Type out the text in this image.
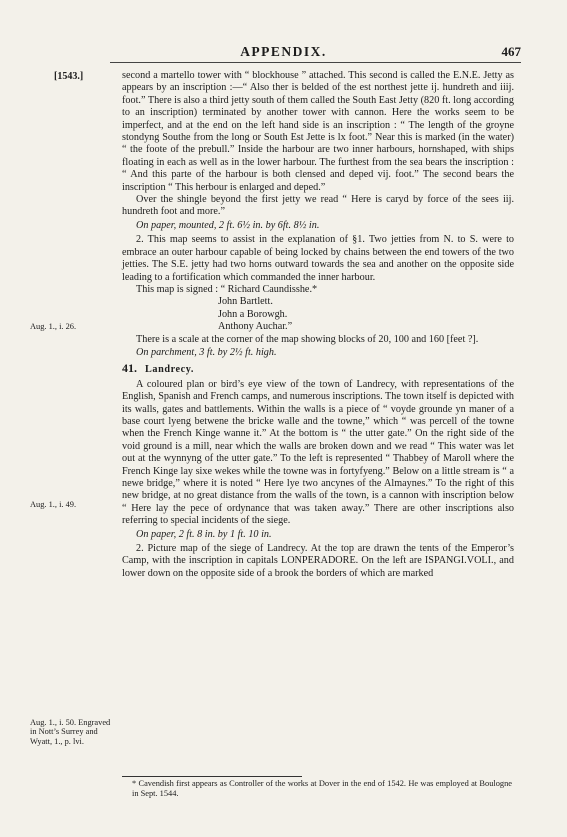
APPENDIX.	467
[1543.]
Aug. 1., i. 26.
Aug. 1., i. 49.
Aug. 1., i. 50. Engraved in Nott’s Surrey and Wyatt, 1., p. lvi.

second a martello tower with “ blockhouse ” attached. This second is called the E.N.E. Jetty as appears by an inscription :—“ Also ther is belded of the est northest jette ij. hundreth and iiij. foot.” There is also a third jetty south of them called the South East Jetty (820 ft. long according to an inscription) terminated by another tower with cannon. Here the works seem to be imperfect, and at the end on the left hand side is an inscription : “ The length of the groyne stondyng Southe from the long or South Est Jette is lx foot.” Near this is marked (in the water) “ the foote of the prebull.” Inside the harbour are two inner harbours, hornshaped, with ships floating in each as well as in the lower harbour. The furthest from the sea bears the inscription : “ And this parte of the harbour is both clensed and deped vij. foot.” The second bears the inscription “ This herbour is enlarged and deped.”

Over the shingle beyond the first jetty we read “ Here is caryd by force of the sees iij. hundreth foot and more.”

On paper, mounted, 2 ft. 6½ in. by 6ft. 8½ in.

2. This map seems to assist in the explanation of §1. Two jetties from N. to S. were to embrace an outer harbour capable of being locked by chains between the end towers of the two jetties. The S.E. jetty had two horns outward towards the sea and another on the opposite side leading to a fortification which commanded the inner harbour.

This map is signed : “ Richard Caundisshe.*

John Bartlett.

John a Borowgh.

Anthony Auchar.”

There is a scale at the corner of the map showing blocks of 20, 100 and 160 [feet ?].

On parchment, 3 ft. by 2½ ft. high.

41. Landrecy.

A coloured plan or bird’s eye view of the town of Landrecy, with representations of the English, Spanish and French camps, and numerous inscriptions. The town itself is depicted with its walls, gates and battlements. Within the walls is a piece of “ voyde grounde yn maner of a base court lyeng betwene the bricke walle and the towne,” which “ was percell of the towne when the French Kinge wanne it.” At the bottom is “ the utter gate.” On the right side of the void ground is a mill, near which the walls are broken down and we read “ This water was let out at the wynnyng of the utter gate.” To the left is represented “ Thabbey of Maroll where the French Kinge lay sixe wekes while the towne was in fortyfyeng.” Below on a little stream is “ a newe bridge,” where it is noted “ Here lye two ancynes of the Almaynes.” To the right of this new bridge, at no great distance from the walls of the town, is a cannon with inscription below “ Here lay the pece of ordynance that was taken away.” There are other inscriptions also referring to special incidents of the siege.

On paper, 2 ft. 8 in. by 1 ft. 10 in.

2. Picture map of the siege of Landrecy. At the top are drawn the tents of the Emperor’s Camp, with the inscription in capitals LONPERADORE. On the left are ISPANGI.VOLI., and lower down on the opposite side of a brook the borders of which are marked

* Cavendish first appears as Controller of the works at Dover in the end of 1542. He was employed at Boulogne in Sept. 1544.
